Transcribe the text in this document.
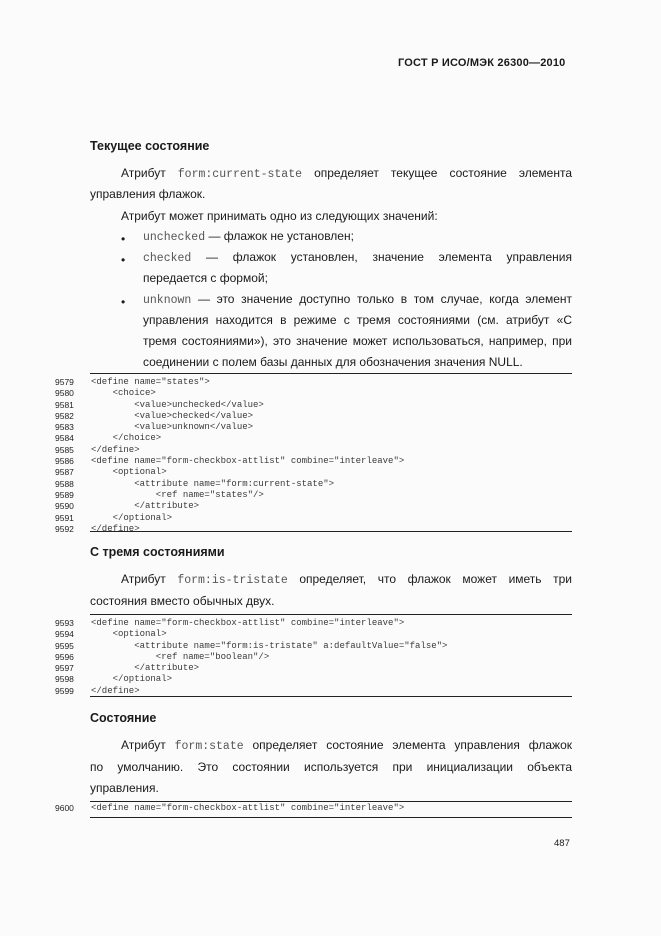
ГОСТ Р ИСО/МЭК 26300—2010
Текущее состояние
Атрибут form:current-state определяет текущее состояние элемента
управления флажок.
Атрибут может принимать одно из следующих значений:
• unchecked — флажок не установлен;
• checked — флажок установлен, значение элемента управления
передается с формой;
• unknown — это значение доступно только в том случае, когда элемент
управления находится в режиме с тремя состояниями (см. атрибут «С
тремя состояниями»), это значение может использоваться, например, при
соединении с полем базы данных для обозначения значения NULL.
9579	<define name="states">
9580	<choice>
9581	<value>unchecked</value>
9582	<value>checked</value>
9583	<value>unknown</value>
9584	</choice>
9585	</define>
9586	<define name="form-checkbox-attlist" combine="interleave">
9587	<optional>
9588	<attribute name="form:current-state">
9589	<ref name="states"/>
9590	</attribute>
9591	</optional>
9592	</define>
С тремя состояниями
Атрибут form:is-tristate определяет, что флажок может иметь три
состояния вместо обычных двух.
9593	<define name="form-checkbox-attlist" combine="interleave">
9594	<optional>
9595	<attribute name="form:is-tristate" a:defaultValue="false">
9596	<ref name="boolean"/>
9597	</attribute>
9598	</optional>
9599	</define>
Состояние
Атрибут form:state определяет состояние элемента управления флажок
по умолчанию. Это состоянии используется при инициализации объекта
управления.
9600	<define name="form-checkbox-attlist" combine="interleave">
487
